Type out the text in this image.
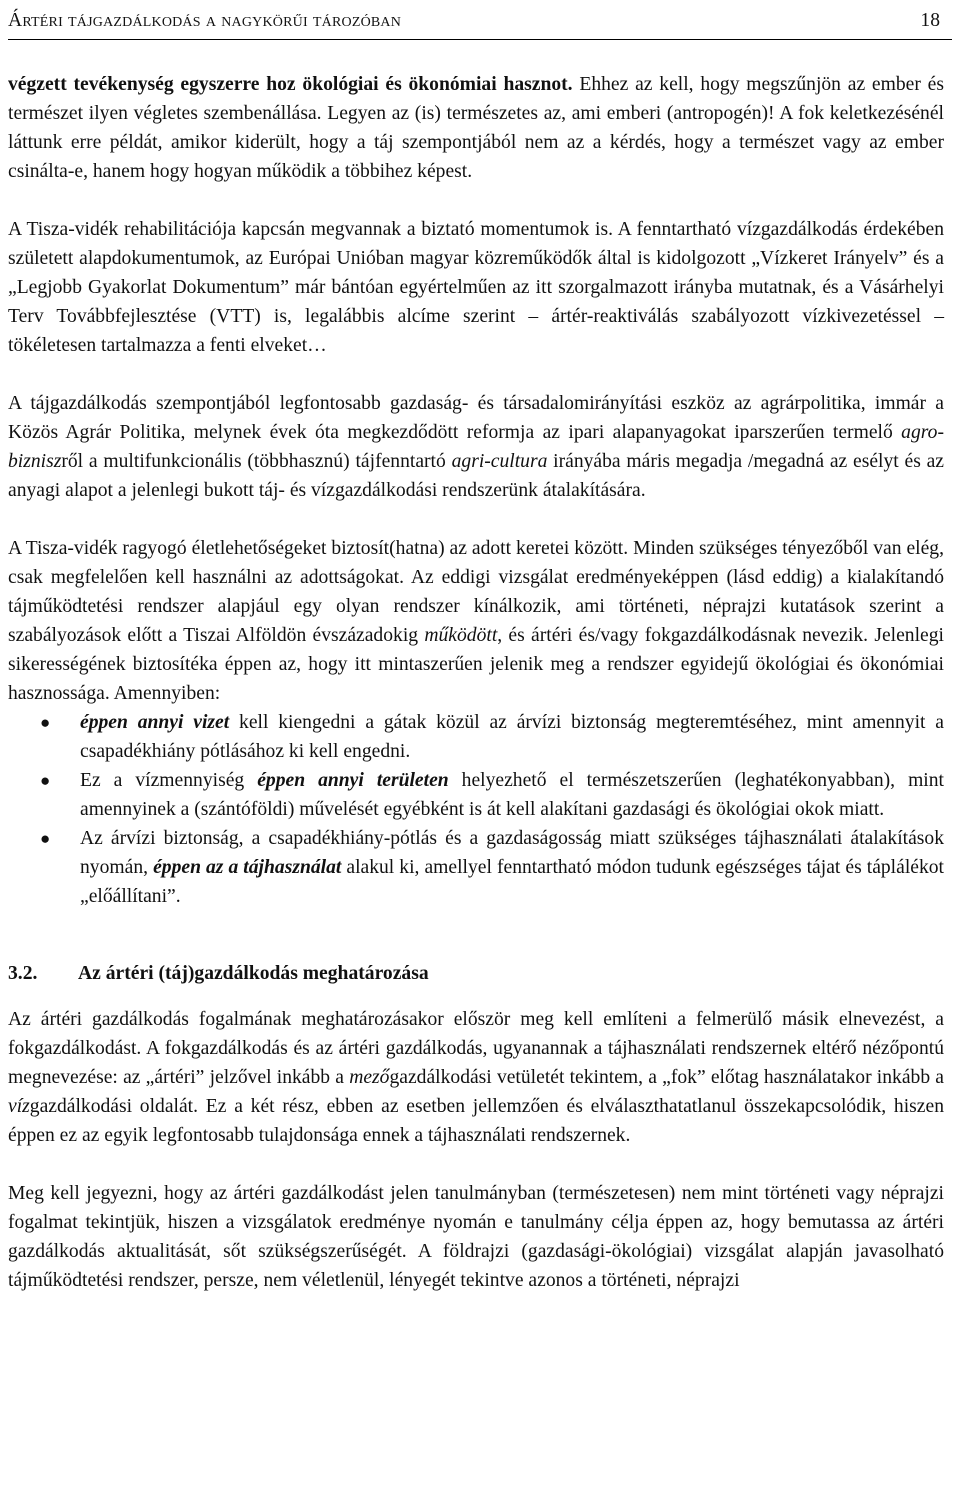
Ártéri tájgazdálkodás a nagykörűi tározóban	18

végzett tevékenység egyszerre hoz ökológiai és ökonómiai hasznot. Ehhez az kell, hogy megszűnjön az ember és természet ilyen végletes szembenállása. Legyen az (is) természetes az, ami emberi (antropogén)! A fok keletkezésénél láttunk erre példát, amikor kiderült, hogy a táj szempontjából nem az a kérdés, hogy a természet vagy az ember csinálta-e, hanem hogy hogyan működik a többihez képest.

A Tisza-vidék rehabilitációja kapcsán megvannak a biztató momentumok is. A fenntartható vízgazdálkodás érdekében született alapdokumentumok, az Európai Unióban magyar közreműködők által is kidolgozott „Vízkeret Irányelv” és a „Legjobb Gyakorlat Dokumentum” már bántóan egyértelműen az itt szorgalmazott irányba mutatnak, és a Vásárhelyi Terv Továbbfejlesztése (VTT) is, legalábbis alcíme szerint – ártér-reaktiválás szabályozott vízkivezetéssel – tökéletesen tartalmazza a fenti elveket…

A tájgazdálkodás szempontjából legfontosabb gazdaság- és társadalomirányítási eszköz az agrárpolitika, immár a Közös Agrár Politika, melynek évek óta megkezdődött reformja az ipari alapanyagokat iparszerűen termelő agro-bizniszről a multifunkcionális (többhasznú) tájfenntartó agri-cultura irányába máris megadja /megadná az esélyt és az anyagi alapot a jelenlegi bukott táj- és vízgazdálkodási rendszerünk átalakítására.

A Tisza-vidék ragyogó életlehetőségeket biztosít(hatna) az adott keretei között. Minden szükséges tényezőből van elég, csak megfelelően kell használni az adottságokat. Az eddigi vizsgálat eredményeképpen (lásd eddig) a kialakítandó tájműködtetési rendszer alapjául egy olyan rendszer kínálkozik, ami történeti, néprajzi kutatások szerint a szabályozások előtt a Tiszai Alföldön évszázadokig működött, és ártéri és/vagy fokgazdálkodásnak nevezik. Jelenlegi sikerességének biztosítéka éppen az, hogy itt mintaszerűen jelenik meg a rendszer egyidejű ökológiai és ökonómiai hasznossága. Amennyiben:

● éppen annyi vizet kell kiengedni a gátak közül az árvízi biztonság megteremtéséhez, mint amennyit a csapadékhiány pótlásához ki kell engedni.
● Ez a vízmennyiség éppen annyi területen helyezhető el természetszerűen (leghatékonyabban), mint amennyinek a (szántóföldi) művelését egyébként is át kell alakítani gazdasági és ökológiai okok miatt.
● Az árvízi biztonság, a csapadékhiány-pótlás és a gazdaságosság miatt szükséges tájhasználati átalakítások nyomán, éppen az a tájhasználat alakul ki, amellyel fenntartható módon tudunk egészséges tájat és táplálékot „előállítani”.
3.2.	Az ártéri (táj)gazdálkodás meghatározása

Az ártéri gazdálkodás fogalmának meghatározásakor először meg kell említeni a felmerülő másik elnevezést, a fokgazdálkodást. A fokgazdálkodás és az ártéri gazdálkodás, ugyanannak a tájhasználati rendszernek eltérő nézőpontú megnevezése: az „ártéri” jelzővel inkább a mezőgazdálkodási vetületét tekintem, a „fok” előtag használatakor inkább a vízgazdálkodási oldalát. Ez a két rész, ebben az esetben jellemzően és elválaszthatatlanul összekapcsolódik, hiszen éppen ez az egyik legfontosabb tulajdonsága ennek a tájhasználati rendszernek.

Meg kell jegyezni, hogy az ártéri gazdálkodást jelen tanulmányban (természetesen) nem mint történeti vagy néprajzi fogalmat tekintjük, hiszen a vizsgálatok eredménye nyomán e tanulmány célja éppen az, hogy bemutassa az ártéri gazdálkodás aktualitását, sőt szükségszerűségét. A földrajzi (gazdasági-ökológiai) vizsgálat alapján javasolható tájműködtetési rendszer, persze, nem véletlenül, lényegét tekintve azonos a történeti, néprajzi
